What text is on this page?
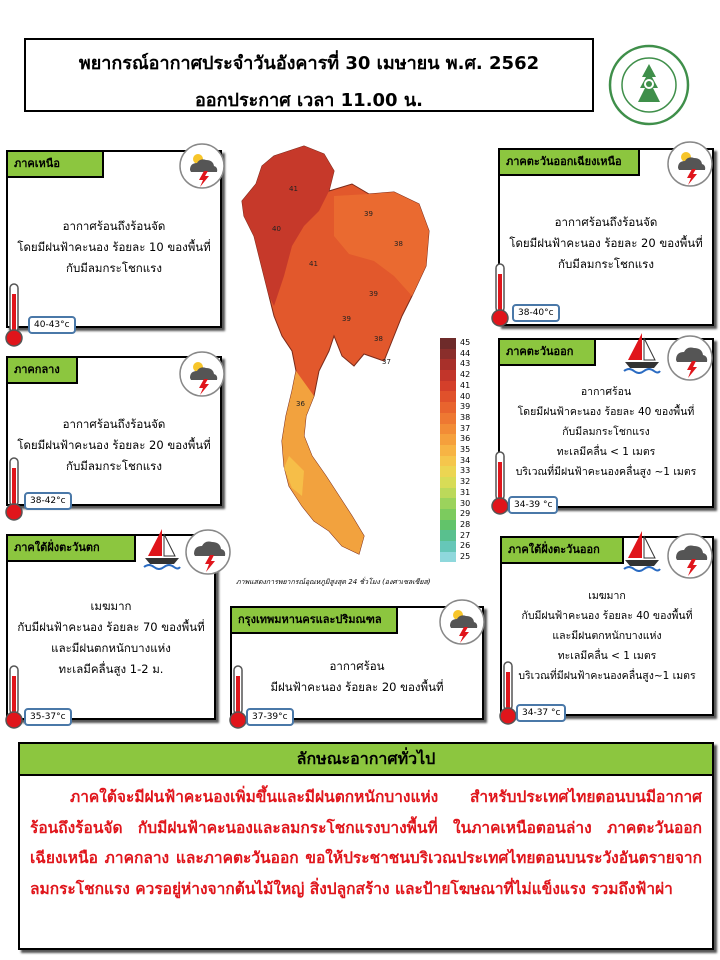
พยากรณ์อากาศประจำวันอังคารที่ 30 เมษายน พ.ศ. 2562
ออกประกาศ เวลา 11.00 น.
41
40
39
41
38
39
39
38
37
36
45
44
43
42
41
40
39
38
37
36
35
34
33
32
31
30
29
28
27
26
25
ภาพแสดงการพยากรณ์อุณหภูมิสูงสุด 24 ชั่วโมง (องศาเซลเซียส)
ภาคเหนือ
อากาศร้อนถึงร้อนจัด
โดยมีฝนฟ้าคะนอง ร้อยละ 10 ของพื้นที่
กับมีลมกระโชกแรง
40-43°c
ภาคตะวันออกเฉียงเหนือ
อากาศร้อนถึงร้อนจัด
โดยมีฝนฟ้าคะนอง ร้อยละ 20 ของพื้นที่
กับมีลมกระโชกแรง
38-40°c
ภาคกลาง
อากาศร้อนถึงร้อนจัด
โดยมีฝนฟ้าคะนอง ร้อยละ 20 ของพื้นที่
กับมีลมกระโชกแรง
38-42°c
ภาคตะวันออก
อากาศร้อน
โดยมีฝนฟ้าคะนอง ร้อยละ 40 ของพื้นที่
กับมีลมกระโชกแรง
ทะเลมีคลื่น < 1 เมตร
บริเวณที่มีฝนฟ้าคะนองคลื่นสูง ~1 เมตร
34-39 °c
ภาคใต้ฝั่งตะวันตก
เมฆมาก
กับมีฝนฟ้าคะนอง ร้อยละ 70 ของพื้นที่
และมีฝนตกหนักบางแห่ง
ทะเลมีคลื่นสูง 1-2 ม.
35-37°c
กรุงเทพมหานครและปริมณฑล
อากาศร้อน
มีฝนฟ้าคะนอง ร้อยละ 20 ของพื้นที่
37-39°c
ภาคใต้ฝั่งตะวันออก
เมฆมาก
กับมีฝนฟ้าคะนอง ร้อยละ 40 ของพื้นที่
และมีฝนตกหนักบางแห่ง
ทะเลมีคลื่น < 1 เมตร
บริเวณที่มีฝนฟ้าคะนองคลื่นสูง~1 เมตร
34-37 °c
ลักษณะอากาศทั่วไป
ภาคใต้จะมีฝนฟ้าคะนองเพิ่มขึ้นและมีฝนตกหนักบางแห่ง สำหรับประเทศไทยตอนบนมีอากาศร้อนถึงร้อนจัด กับมีฝนฟ้าคะนองและลมกระโชกแรงบางพื้นที่ ในภาคเหนือตอนล่าง ภาคตะวันออกเฉียงเหนือ ภาคกลาง และภาคตะวันออก ขอให้ประชาชนบริเวณประเทศไทยตอนบนระวังอันตรายจากลมกระโชกแรง ควรอยู่ห่างจากต้นไม้ใหญ่ สิ่งปลูกสร้าง และป้ายโฆษณาที่ไม่แข็งแรง รวมถึงฟ้าผ่า
